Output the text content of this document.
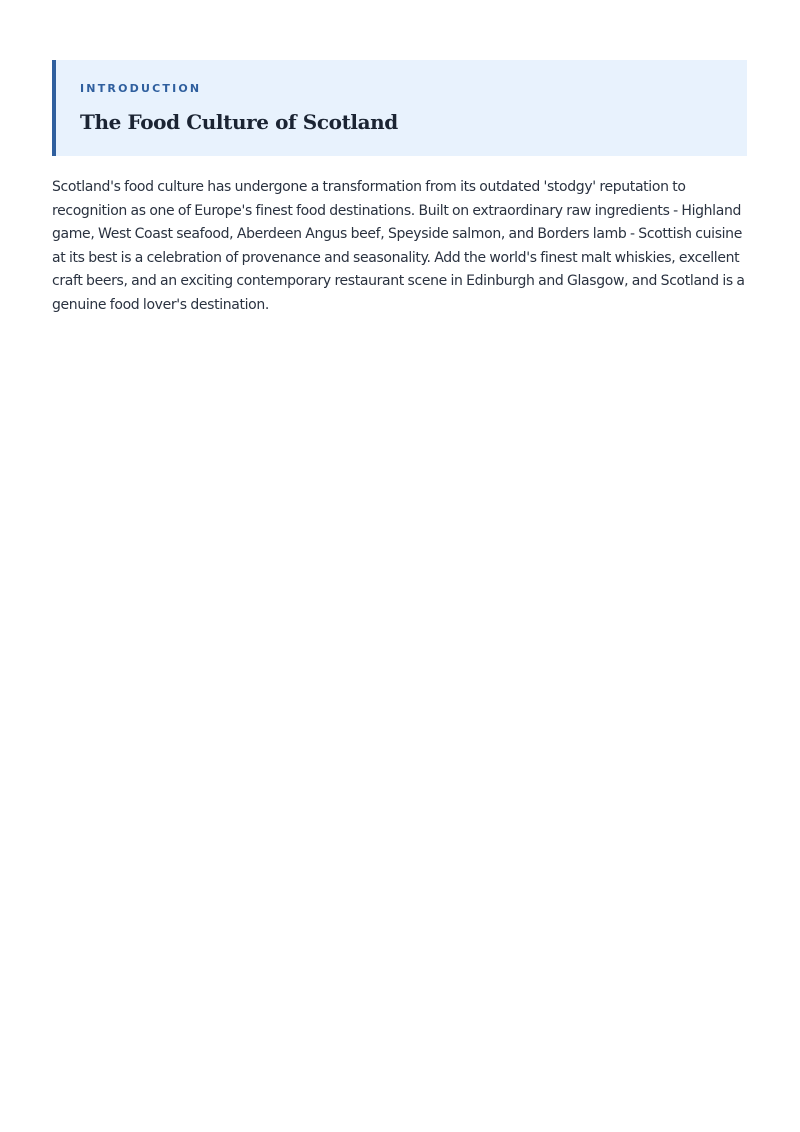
INTRODUCTION

The Food Culture of Scotland

Scotland's food culture has undergone a transformation from its outdated 'stodgy' reputation to recognition as one of Europe's finest food destinations. Built on extraordinary raw ingredients - Highland game, West Coast seafood, Aberdeen Angus beef, Speyside salmon, and Borders lamb - Scottish cuisine at its best is a celebration of provenance and seasonality. Add the world's finest malt whiskies, excellent craft beers, and an exciting contemporary restaurant scene in Edinburgh and Glasgow, and Scotland is a genuine food lover's destination.
